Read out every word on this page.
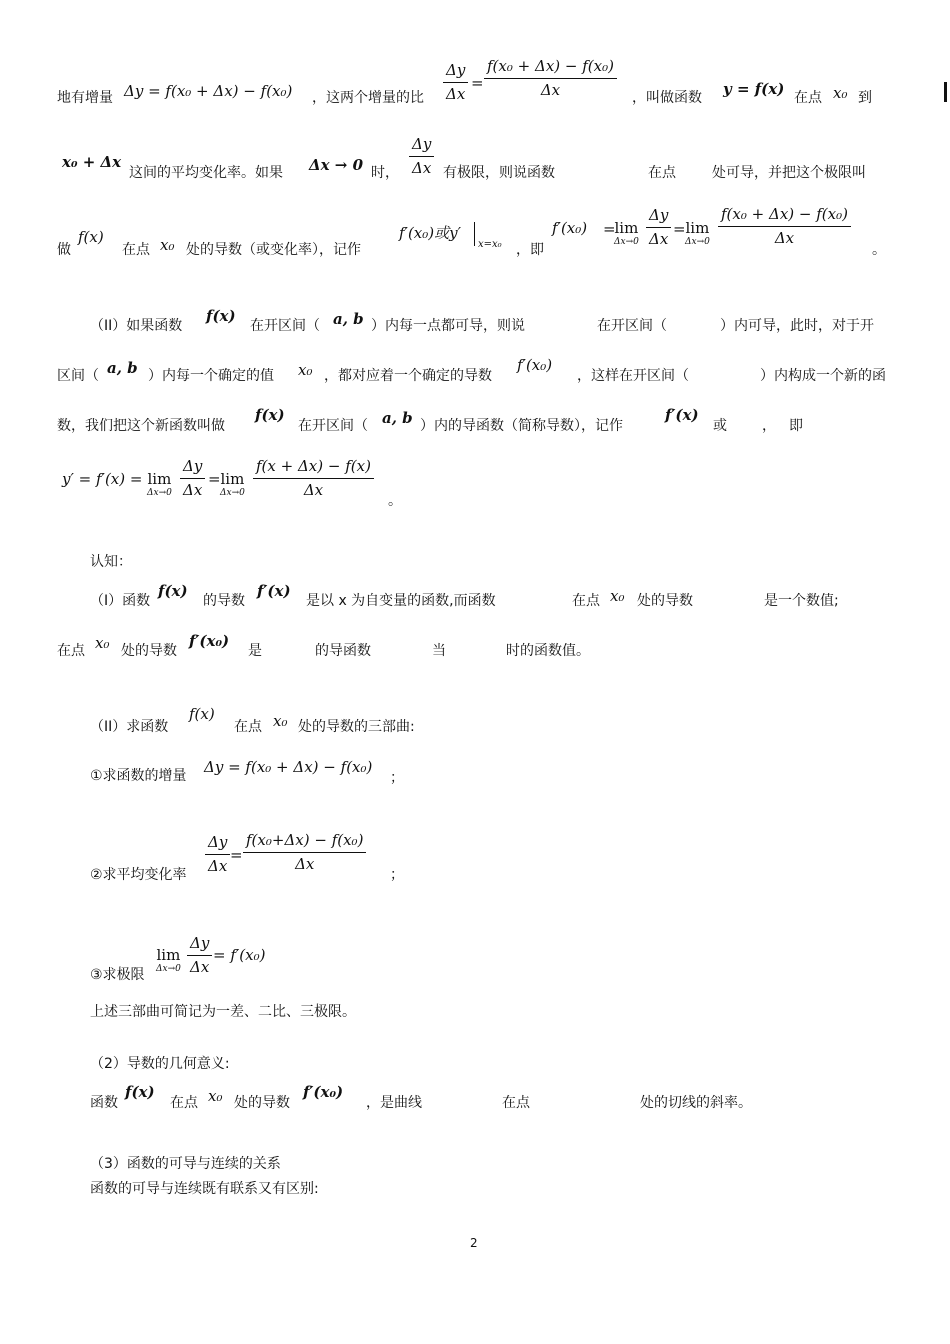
地有增量 Δy = f(x₀ + Δx) − f(x₀) ，这两个增量的比 $\frac{\Delta y}{\Delta x} = \frac{\text{f(x₀ + Δx) − f(x₀)}}{\Delta x}$ ，叫做函数 y = f(x) 在点 x₀ 到
x₀ + Δx
这间的平均变化率。如果 Δx → 0 时， $\frac{\Delta y}{\Delta x}$ 有极限，则说函数	在点	处可导，并把这个极限叫
做
f(x)
在点 x₀ 处的导数（或变化率），记作
f′(x₀)或y′
x=x₀ ，即
f′(x₀) =
lim
$\Delta x\to 0 \frac{\Delta y}{\Delta x} = \lim$
$\Delta x\to 0 \frac{\text{f(x₀ + Δx) − f(x₀)}}{\Delta x}$
。
（II）如果函数
f(x)
在开区间（ a, b ）内每一点都可导，则说	在开区间（	）内可导，此时，对于开
区间（ a, b ）内每一个确定的值 x₀ ，都对应着一个确定的导数
f′(x₀)
，这样在开区间（	）内构成一个新的函
数，我们把这个新函数叫做
f(x)
在开区间（ a, b ）内的导函数（简称导数），记作
f′(x)
或	， 即
y′ = f′(x) = lim
$\Delta x\to 0 \frac{\Delta y}{\Delta x} = \lim$
$\Delta x\to 0 \frac{f(x + \Delta x) - f(x)}{\Delta x}$
。
认知：
（I）函数
f(x)
的导数
f′(x)
是以 x 为自变量的函数,而函数	在点 x₀ 处的导数	是一个数值;
在点 x₀ 处的导数
f′(x₀)
是	的导函数	当	时的函数值。
（II）求函数
f(x)
在点 x₀ 处的导数的三部曲:
①求函数的增量 Δy = f(x₀ + Δx) − f(x₀)
；
$\frac{\Delta y}{\Delta x} = \frac{\text{f(x₀+Δx) − f(x₀)}}{\Delta x}$
②求平均变化率	；
lim
$\Delta x\to 0 \frac{\Delta y}{\Delta x} = f'(x_0)$
③求极限
上述三部曲可简记为一差、二比、三极限。
（2）导数的几何意义:
函数
f(x)
在点 x₀ 处的导数
f′(x₀)
，是曲线	在点	处的切线的斜率。
（3）函数的可导与连续的关系
函数的可导与连续既有联系又有区别:
2
